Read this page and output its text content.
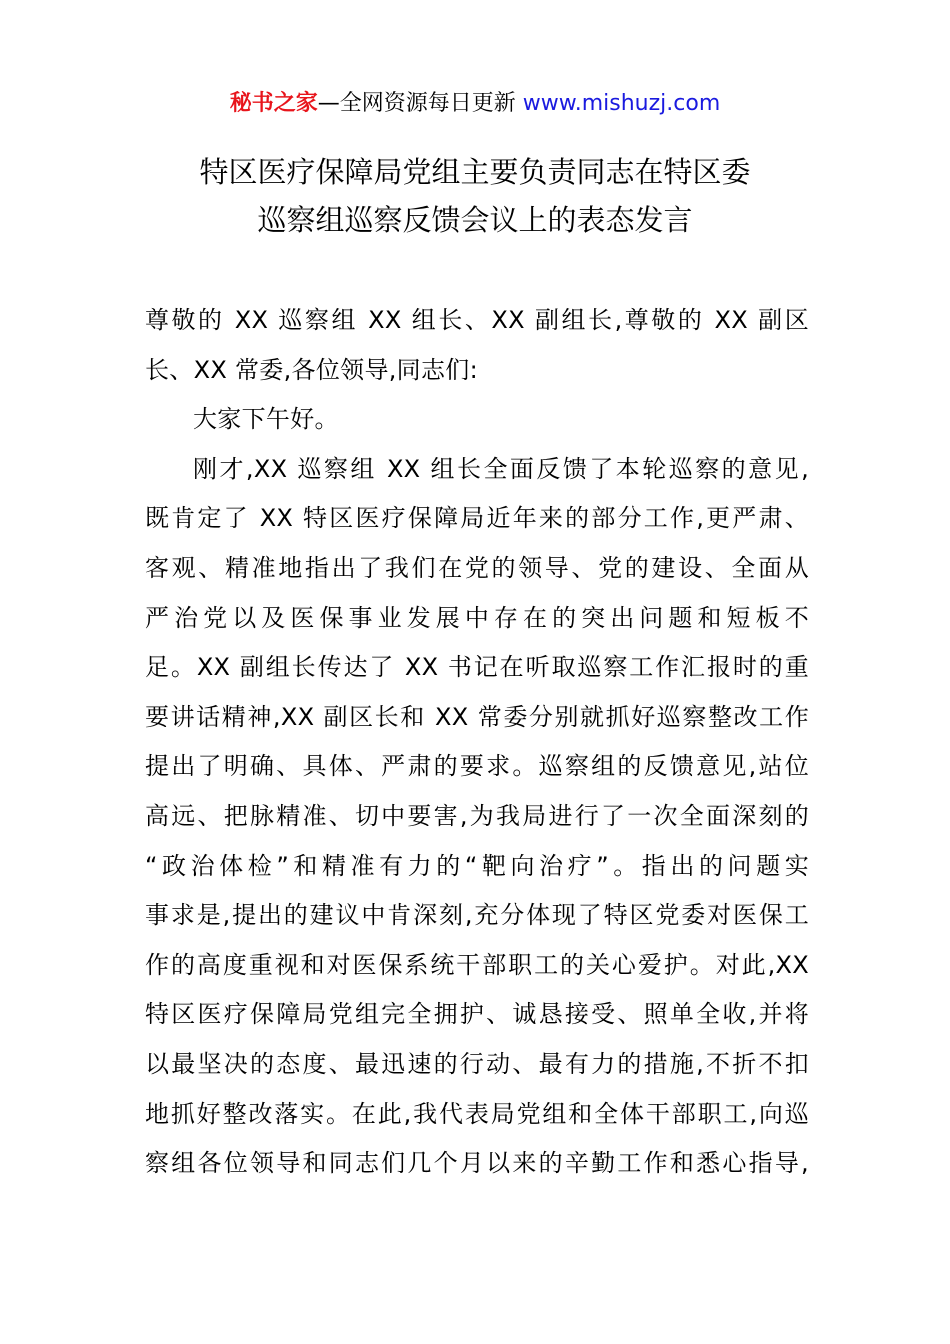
秘书之家—全网资源每日更新 www.mishuzj.com
特区医疗保障局党组主要负责同志在特区委
巡察组巡察反馈会议上的表态发言
尊敬的 XX 巡察组 XX 组长、XX 副组长,尊敬的 XX 副区
长、XX 常委,各位领导,同志们:
大家下午好。
刚才,XX 巡察组 XX 组长全面反馈了本轮巡察的意见,
既肯定了 XX 特区医疗保障局近年来的部分工作,更严肃、
客观、精准地指出了我们在党的领导、党的建设、全面从
严治党以及医保事业发展中存在的突出问题和短板不
足。XX 副组长传达了 XX 书记在听取巡察工作汇报时的重
要讲话精神,XX 副区长和 XX 常委分别就抓好巡察整改工作
提出了明确、具体、严肃的要求。巡察组的反馈意见,站位
高远、把脉精准、切中要害,为我局进行了一次全面深刻的
“政治体检”和精准有力的“靶向治疗”。指出的问题实
事求是,提出的建议中肯深刻,充分体现了特区党委对医保工
作的高度重视和对医保系统干部职工的关心爱护。对此,XX
特区医疗保障局党组完全拥护、诚恳接受、照单全收,并将
以最坚决的态度、最迅速的行动、最有力的措施,不折不扣
地抓好整改落实。在此,我代表局党组和全体干部职工,向巡
察组各位领导和同志们几个月以来的辛勤工作和悉心指导,
